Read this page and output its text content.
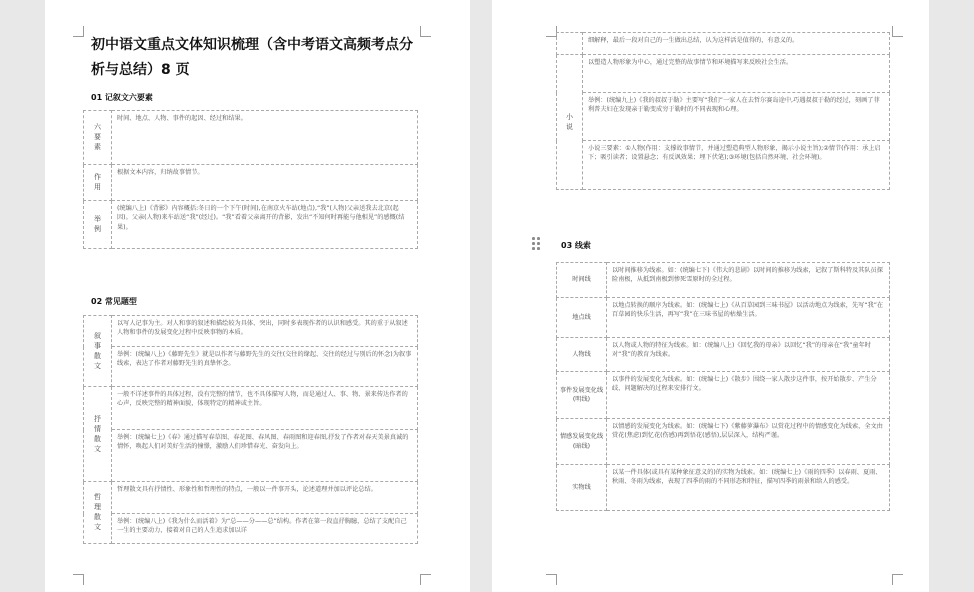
初中语文重点文体知识梳理（含中考语文高频考点分析与总结）8 页

01 记叙文六要素

六要素	时间、地点、人物、事件的起因、经过和结果。
作用	根据文本内容，归纳故事情节。
举例	(统编八上)《背影》内容概括:冬日的一个下午(时间),在南京火车站(地点),“我”(人物)父亲送我去北京(起因)。父亲(人物)来车站送“我”(经过)。“我”看着父亲离开的背影，发出“不知何时再能与他相见”的感慨(结果)。

02 常见题型

叙事散文	以写人记事为主。对人和事的叙述和描绘较为具体、突出，同时多表现作者的认识和感受。其的重于从叙述人物和事件的发展变化过程中反映事物的本质。
	举例：(统编八上)《藤野先生》就是以作者与藤野先生的交往(交往的缘起、交往的经过与别后的怀念)为叙事线索，表达了作者对藤野先生的真挚怀念。
抒情散文	一般不详述事件的具体过程，没有完整的情节，也不具体描写人物，而是通过人、事、物、景来传达作者的心声，反映完整的精神面貌，体现特定的精神或主旨。
	举例：(统编七上)《春》通过描写春草图、春花图、春风图、春雨图和迎春图,抒发了作者对春天美景真诚的情怀，唤起人们对美好生活的憧憬，激励人们珍惜春光、奋发向上。
哲理散文	哲理散文具有抒情性、形象性和哲理性的特点，一般以一件事开头，论述道理并加以评论总结。
	举例：(统编八上)《我为什么而活着》为“总——分——总”结构。作者在第一段直抒胸臆，总结了支配自己一生的主要动力，接着对自己的人生追求加以详
	细解释，最后一段对自己的一生做出总结，认为这样活是值得的，有意义的。
小说	以塑造人物形象为中心，通过完整的故事情节和环境描写来反映社会生活。
	举例：(统编九上)《我的叔叔于勒》主要写“我们”一家人在去哲尔赛岛途中,巧遇叔叔于勒的经过，刻画了菲利普夫妇在发现亲于勒变成穷于勒时的不同表现和心理。
	小说三要素：①人物(作用：支撑故事情节，并通过塑造典型人物形象，揭示小说主旨);②情节(作用：承上启下；吸引读者；设置悬念；有反讽效果；埋下伏笔);③环境(包括自然环境、社会环境)。

03 线索

时间线	以时间推移为线索。如：(统编七下)《伟大的悲剧》以时间的推移为线索，记叙了斯科特及其队员探险南极，从抵到南极到惨死雪原时的全过程。
地点线	以地点转换的顺序为线索。如：(统编七上)《从百草园到三味书屋》以活动地点为线索，先写“我”在百草园的快乐生活，再写“我”在三味书屋的枯燥生活。
人物线	以人物或人物的特征为线索。如：(统编八上)《回忆我的母亲》以回忆“我”的母亲在“我”童年时对“我”的教育为线索。
事件发展变化线(明线)	以事件的发展变化为线索。如：(统编七上)《散步》围绕一家人散步这件事，按开始散步、产生分歧、问题解决的过程来安排行文。
情感发展变化线(暗线)	以情感的发展变化为线索。如：(统编七下)《紫藤萝瀑布》以赏花过程中的情感变化为线索，全文由赏花(焦虑)到忆花(伤感)再到悟花(感悟),层层深入，结构严谨。
实物线	以某一件具体(或具有某种象征意义的)的实物为线索。如：(统编七上)《雨的四季》以春雨、夏雨、秋雨、冬雨为线索，表现了四季的雨的不同形态和特征，描写四季的雨景和给人的感受。
